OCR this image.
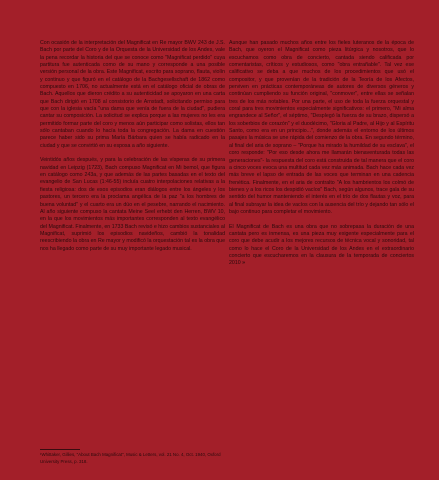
Con ocasión de la interpretación del Magnificat en Re mayor BWV 243 de J.S. Bach por parte del Coro y de la Orquesta de la Universidad de los Andes, vale la pena recordar la historia del que se conoce como "Magnificat perdido" cuya partitura fue autenticada como de su mano y corresponde a una posible versión personal de la obra. Este Magnificat, escrito para soprano, flauta, violín y continuo y que figuró en el catálogo de la Bachgesellschaft de 1862 como compuesto en 1706, no actualmente está en el catálogo oficial de obras de Bach. Aquellos que dieron crédito a su autenticidad se apoyaron en una carta que Bach dirigió en 1708 al consistorio de Arnstadt, solicitando permiso para que con la iglesia vacía "una dama que venía de fuera de la ciudad", pudiera cantar su composición. La solicitud se explica porque a las mujeres no les era permitido formar parte del coro y menos aún participar como solistas, ellos tan sólo cantaban cuando lo hacía toda la congregación. La dama en cuestión parece haber sido su prima María Bárbara quien se había radicado en la ciudad y que se convirtió en su esposa a año siguiente.

Veintidós años después, y para la celebración de las vísperas de su primera navidad en Leipzig (1723), Bach compuso Magnificat en Mi bemol, que figura en catálogo como 243a, y que además de las partes basadas en el texto del evangelio de San Lucas (1:46-55) incluía cuatro interpolaciones relativas a la fiesta religiosa: dos de esos episodios eran diálogos entre los ángeles y los pastores, un tercero era la proclama angélica de la paz "a los hombres de buena voluntad" y el cuarto era un dúo en el pesebre, narrando el nacimiento. Al año siguiente compuso la cantata Meine Seel erhebt den Herren, BWV 10, en la que los movimientos más importantes corresponden al texto evangélico del Magnificat. Finalmente, en 1733 Bach revisó e hizo cambios sustanciales al Magnificat, suprimió los episodios navideños, cambió la tonalidad reescribiendo la obra en Re mayor y modificó la orquestación tal es la obra que nos ha llegado como parte de su muy importante legado musical.

Aunque han pasado muchos años entre los fieles luteranos de la época de Bach, que oyeron el Magnificat como pieza litúrgica y nosotros, que lo escuchamos como obra de concierto, cantada siendo calificada por comentaristas, críticos y estudiosos, como "obra entrañable". Tal vez ese calificativo se deba a que muchos de los procedimientos que usó el compositor, y que provenían de la tradición de la Teoría de los Afectos, perviven en prácticas contemporáneas de autores de diversos géneros y continúan cumpliendo su función original, "conmover", entre ellas se señalan tres de los más notables. Por una parte, el uso de toda la fuerza orquestal y coral para tres movimientos especialmente significativos: el primero, "Mi alma engrandece al Señor", el séptimo, "Desplegó la fuerza de su brazo, dispersó a los soberbios de corazón" y el duodécimo, "Gloria al Padre, al Hijo y al Espíritu Santo, como era en un principio...", donde además el entorno de los últimos pasajes la música se une rápida del comienzo de la obra. En segundo término, al final del aria de soprano – "Porque ha mirado la humildad de su esclava", el coro responde: "Por eso desde ahora me llamarán bienaventurada todas las generaciones"- la respuesta del coro está construida de tal manera que el coro a cinco voces evoca una multitud cada vez más animada. Bach hace cada vez más breve el lapso de entrada de las voces que terminan en una cadencia frenética. Finalmente, en el aria de contralto "A los hambrientos los colmó de bienes y a los ricos los despidió vacíos" Bach, según algunos, trace gala de su sentido del humor manteniendo el interés en el trío de dos flautas y voz, para al final subrayar la idea de vacíos con la ausencia del trío y dejando tan sólo el bajo continuo para completar el movimiento.

El Magnificat de Bach es una obra que no sobrepasa la duración de una cantata pero es inmensa, es una pieza muy exigente especialmente para el coro que debe acudir a los mejores recursos de técnica vocal y sonoridad, tal como lo hace el Coro de la Universidad de los Andes en el extraordinario concierto que escucharemos en la clausura de la temporada de conciertos 2010 »

¹Whittaker, Gillies, "About Bach Magnificat", Music & Letters, vol. 21 No. 4, Oct. 1940, Oxford University Press, p. 318.
